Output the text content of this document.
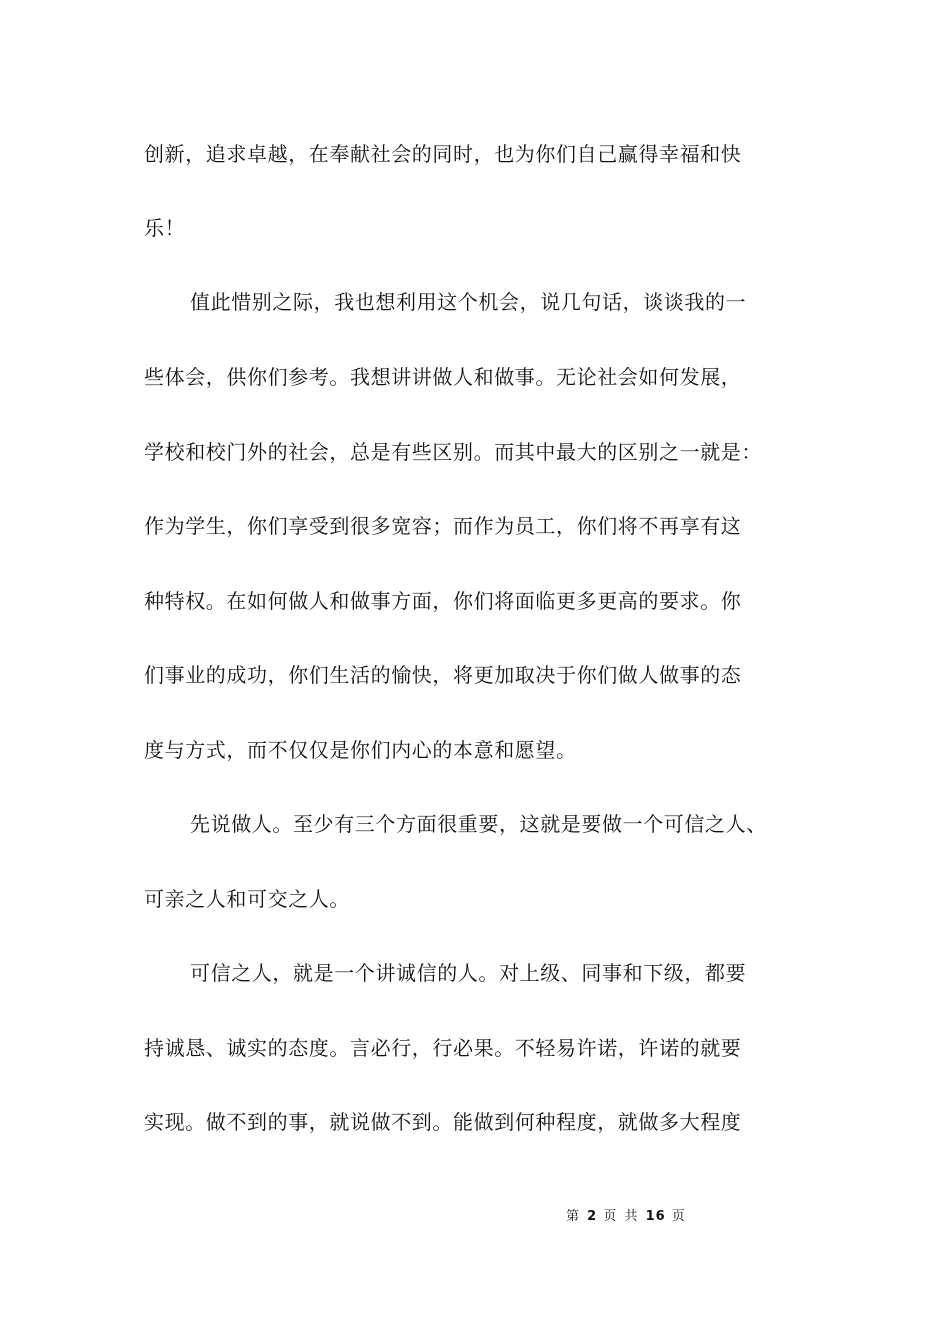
创新，追求卓越，在奉献社会的同时，也为你们自己赢得幸福和快
乐！
值此惜别之际，我也想利用这个机会，说几句话，谈谈我的一
些体会，供你们参考。我想讲讲做人和做事。无论社会如何发展，
学校和校门外的社会，总是有些区别。而其中最大的区别之一就是：
作为学生，你们享受到很多宽容；而作为员工，你们将不再享有这
种特权。在如何做人和做事方面，你们将面临更多更高的要求。你
们事业的成功，你们生活的愉快，将更加取决于你们做人做事的态
度与方式，而不仅仅是你们内心的本意和愿望。
先说做人。至少有三个方面很重要，这就是要做一个可信之人、
可亲之人和可交之人。
可信之人，就是一个讲诚信的人。对上级、同事和下级，都要
持诚恳、诚实的态度。言必行，行必果。不轻易许诺，许诺的就要
实现。做不到的事，就说做不到。能做到何种程度，就做多大程度
第 2 页 共 16 页
